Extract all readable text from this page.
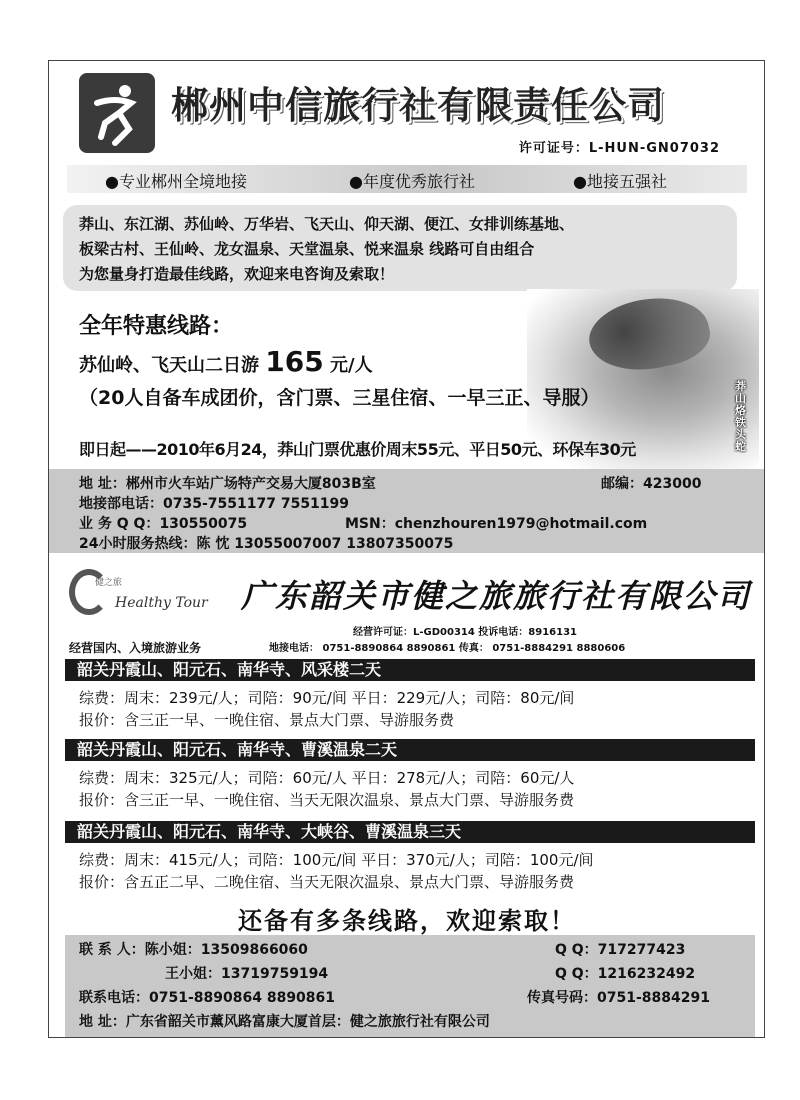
郴州中信旅行社有限责任公司
许可证号：L-HUN-GN07032
●专业郴州全境地接	●年度优秀旅行社	●地接五强社
莽山、东江湖、苏仙岭、万华岩、飞天山、仰天湖、便江、女排训练基地、
板梁古村、王仙岭、龙女温泉、天堂温泉、悦来温泉 线路可自由组合
为您量身打造最佳线路，欢迎来电咨询及索取！
莽山烙铁头蛇
全年特惠线路：
苏仙岭、飞天山二日游 165 元/人
（20人自备车成团价，含门票、三星住宿、一早三正、导服）
即日起——2010年6月24，莽山门票优惠价周末55元、平日50元、环保车30元
地 址：郴州市火车站广场特产交易大厦803B室	邮编：423000
地接部电话：0735-7551177 7551199
业 务 Q Q：130550075	MSN：chenzhouren1979@hotmail.com
24小时服务热线：陈 忱 13055007007 13807350075
健之旅
Healthy Tour 广东韶关市健之旅旅行社有限公司
经营许可证：L-GD00314 投诉电话：8916131
经营国内、入境旅游业务	地接电话： 0751-8890864 8890861 传真： 0751-8884291 8880606
韶关丹霞山、阳元石、南华寺、风采楼二天
综费：周末：239元/人；司陪：90元/间 平日：229元/人；司陪：80元/间
报价：含三正一早、一晚住宿、景点大门票、导游服务费
韶关丹霞山、阳元石、南华寺、曹溪温泉二天
综费：周末：325元/人；司陪：60元/人 平日：278元/人；司陪：60元/人
报价：含三正一早、一晚住宿、当天无限次温泉、景点大门票、导游服务费
韶关丹霞山、阳元石、南华寺、大峡谷、曹溪温泉三天
综费：周末：415元/人；司陪：100元/间 平日：370元/人；司陪：100元/间
报价：含五正二早、二晚住宿、当天无限次温泉、景点大门票、导游服务费
还备有多条线路，欢迎索取！
联 系 人：陈小姐：13509866060	Q Q：717277423
王小姐：13719759194	Q Q：1216232492
联系电话：0751-8890864 8890861	传真号码：0751-8884291
地 址：广东省韶关市薰风路富康大厦首层：健之旅旅行社有限公司
